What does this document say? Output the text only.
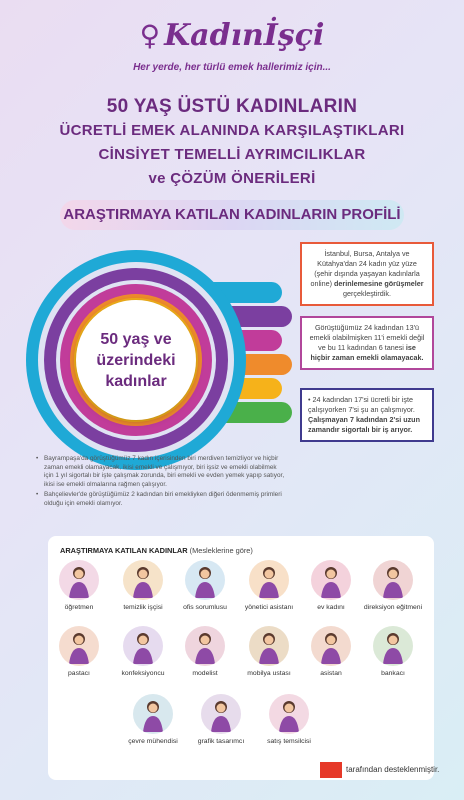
♀ Kadınİşçi
Her yerde, her türlü emek hallerimiz için...
50 YAŞ ÜSTÜ KADINLARIN
ÜCRETLİ EMEK ALANINDA KARŞILAŞTIKLARI
CİNSİYET TEMELLİ AYRIMCILIKLAR
ve ÇÖZÜM ÖNERİLERİ
ARAŞTIRMAYA KATILAN KADINLARIN PROFİLİ
50 yaş ve üzerindeki kadınlar
İstanbul, Bursa, Antalya ve Kütahya'dan 24 kadın yüz yüze (şehir dışında yaşayan kadınlarla online) derinlemesine görüşmeler gerçekleştirdik.
Görüştüğümüz 24 kadından 13'ü emekli olabilmişken 11'i emekli değil ve bu 11 kadından 6 tanesi ise hiçbir zaman emekli olamayacak.
• 24 kadından 17'si ücretli bir işte çalışıyorken 7'si şu an çalışmıyor. Çalışmayan 7 kadından 2'si uzun zamandır sigortalı bir iş arıyor.
• Bayrampaşa'da görüştüğümüz 7 kadın içerisinden biri merdiven temizliyor ve hiçbir zaman emekli olamayacak, ikisi emekli ve çalışmıyor, biri işsiz ve emekli olabilmek için 1 yıl sigortalı bir işte çalışmak zorunda, biri emekli ve evden yemek yapıp satıyor, ikisi ise emekli olmalarına rağmen çalışıyor.
• Bahçelievler'de görüştüğümüz 2 kadından biri emekliyken diğeri ödenmemiş primleri olduğu için emekli olamıyor.
ARAŞTIRMAYA KATILAN KADINLAR (Mesleklerine göre)
öğretmen	temizlik işçisi	ofis sorumlusu	yönetici asistanı	ev kadını	direksiyon eğitmeni
pastacı	konfeksiyoncu	modelist	mobilya ustası	asistan	bankacı
çevre mühendisi	grafik tasarımcı	satış temsilcisi
tarafından desteklenmiştir.
